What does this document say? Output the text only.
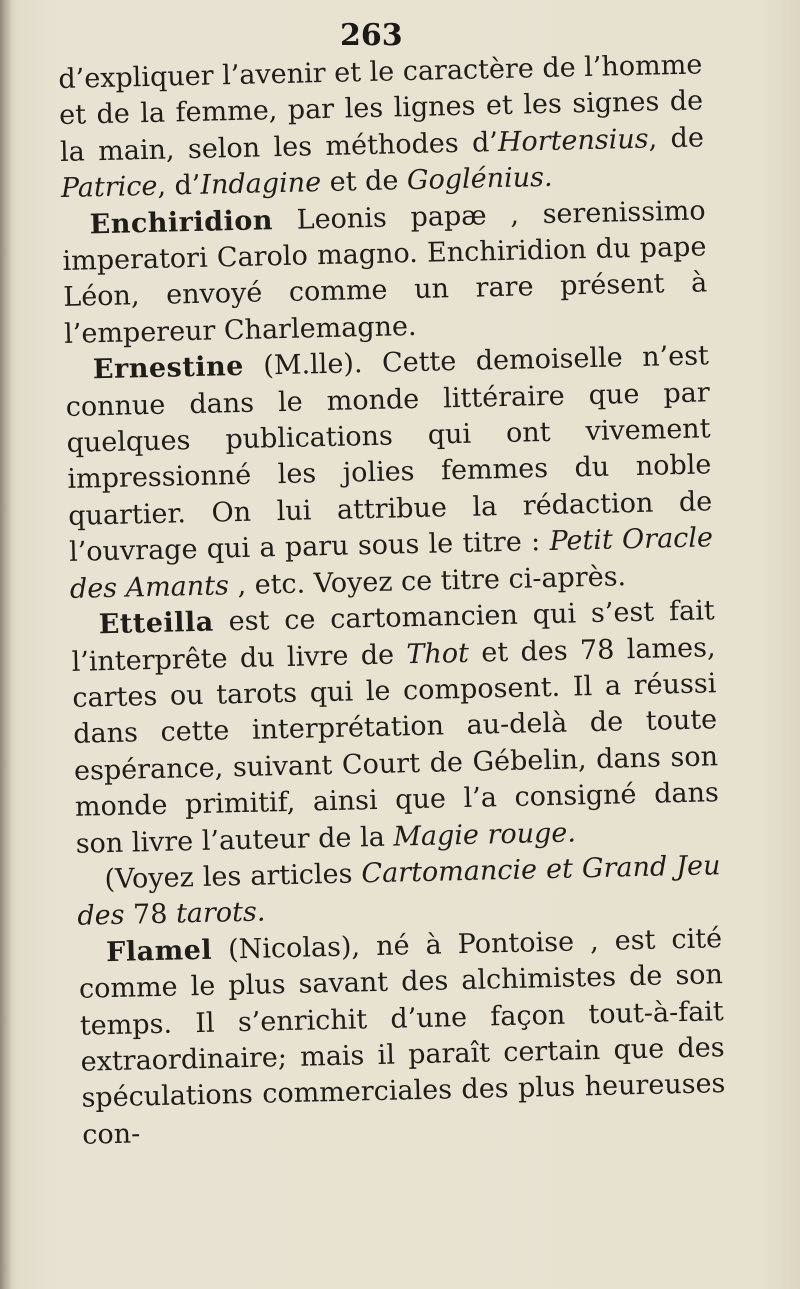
263

d’expliquer l’avenir et le caractère de l’homme et de la femme, par les lignes et les signes de la main, selon les méthodes d’Hortensius, de Patrice, d’Indagine et de Goglénius.

Enchiridion Leonis papæ , serenissimo imperatori Carolo magno. Enchiridion du pape Léon, envoyé comme un rare présent à l’empereur Charlemagne.

Ernestine (M.lle). Cette demoiselle n’est connue dans le monde littéraire que par quelques publications qui ont vivement impressionné les jolies femmes du noble quartier. On lui attribue la rédaction de l’ouvrage qui a paru sous le titre : Petit Oracle des Amants , etc. Voyez ce titre ci-après.

Etteilla est ce cartomancien qui s’est fait l’interprête du livre de Thot et des 78 lames, cartes ou tarots qui le composent. Il a réussi dans cette interprétation au-delà de toute espérance, suivant Court de Gébelin, dans son monde primitif, ainsi que l’a consigné dans son livre l’auteur de la Magie rouge.

(Voyez les articles Cartomancie et Grand Jeu des 78 tarots.

Flamel (Nicolas), né à Pontoise , est cité comme le plus savant des alchimistes de son temps. Il s’enrichit d’une façon tout-à-fait extraordinaire; mais il paraît certain que des spéculations commerciales des plus heureuses con-
